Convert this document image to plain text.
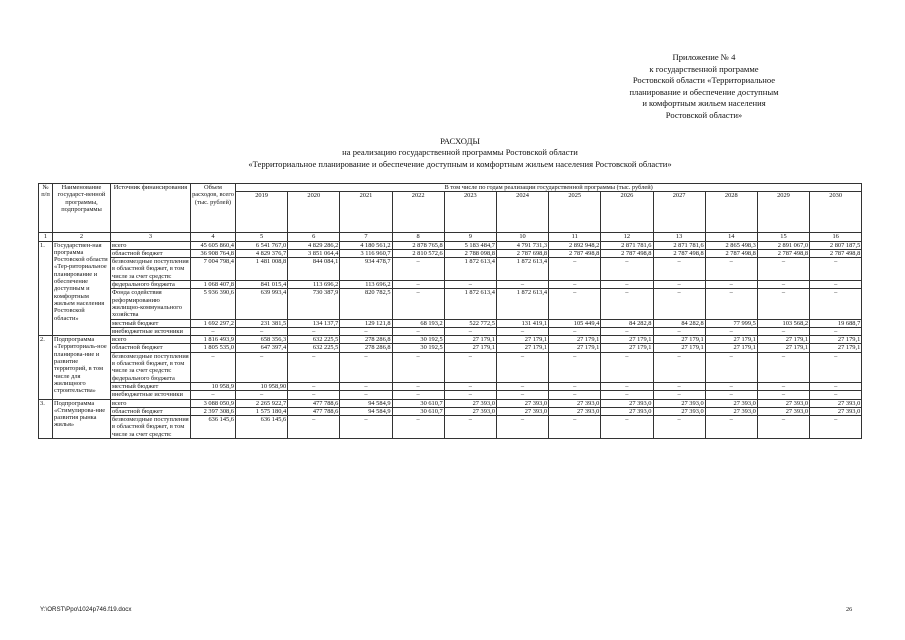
Приложение № 4
к государственной программе
Ростовской области «Территориальное
планирование и обеспечение доступным
и комфортным жильем населения
Ростовской области»
РАСХОДЫ
на реализацию государственной программы Ростовской области
«Территориальное планирование и обеспечение доступным и комфортным жильем населения Ростовской области»
№ п/п	Наименование государст-венной программы, подпрограммы	Источник финансирования	Объем расходов, всего (тыс. рублей)	В том числе по годам реализации государственной программы (тыс. рублей)											
				2019	2020	2021	2022	2023	2024	2025	2026	2027	2028	2029	2030
1	2	3	4	5	6	7	8	9	10	11	12	13	14	15	16
1.	Государствен-ная программа Ростовской области «Тер-риториальное планирование и обеспечение доступным и комфортным жильем населения Ростовской области»	всего	45 605 860,4	6 541 767,0	4 829 286,2	4 180 561,2	2 878 765,8	5 183 484,7	4 791 731,3	2 892 948,2	2 871 781,6	2 871 781,6	2 865 498,3	2 891 067,0	2 807 187,5
		областной бюджет	36 908 764,8	4 829 376,7	3 851 064,4	3 116 960,7	2 810 572,6	2 788 098,8	2 787 698,8	2 787 498,8	2 787 498,8	2 787 498,8	2 787 498,8	2 787 498,8	2 787 498,8
		безвозмездные поступления в областной бюджет, в том числе за счет средств:	7 004 798,4	1 481 008,8	844 084,1	934 478,7	–	1 872 613,4	1 872 613,4	–	–	–	–	–	–
		федерального бюджета	1 068 407,8	841 015,4	113 696,2	113 696,2	–	–	–	–	–	–	–	–	–
		Фонда содействия реформированию жилищно-коммунального хозяйства	5 936 390,6	639 993,4	730 387,9	820 782,5	–	1 872 613,4	1 872 613,4	–	–	–	–	–	–
		местный бюджет	1 692 297,2	231 381,5	134 137,7	129 121,8	68 193,2	522 772,5	131 419,1	105 449,4	84 282,8	84 282,8	77 999,5	103 568,2	19 688,7
		внебюджетные источники	–	–	–	–	–	–	–	–	–	–	–	–	–
2.	Подпрограмма «Территориаль-ное планирова-ние и развитие территорий, в том числе для жилищного строительства»	всего	1 816 493,9	658 356,3	632 225,5	278 286,8	30 192,5	27 179,1	27 179,1	27 179,1	27 179,1	27 179,1	27 179,1	27 179,1	27 179,1
		областной бюджет	1 805 535,0	647 397,4	632 225,5	278 286,8	30 192,5	27 179,1	27 179,1	27 179,1	27 179,1	27 179,1	27 179,1	27 179,1	27 179,1
		безвозмездные поступления в областной бюджет, в том числе за счет средств: федерального бюджета	–	–	–	–	–	–	–	–	–	–	–	–	–
		местный бюджет	10 958,9	10 958,90	–	–	–	–	–	–	–	–	–	–	–
		внебюджетные источники	–	–	–	–	–	–	–	–	–	–	–	–	–
3.	Подпрограмма «Стимулирова-ние развития рынка жилья»	всего	3 088 050,9	2 265 922,7	477 788,6	94 584,9	30 610,7	27 393,0	27 393,0	27 393,0	27 393,0	27 393,0	27 393,0	27 393,0	27 393,0
		областной бюджет	2 397 308,6	1 575 180,4	477 788,6	94 584,9	30 610,7	27 393,0	27 393,0	27 393,0	27 393,0	27 393,0	27 393,0	27 393,0	27 393,0
		безвозмездные поступления в областной бюджет, в том числе за счет средств:	636 145,6	636 145,6	–	–	–	–	–	–	–	–	–	–	–
Y:\ORST\Ppo\1024p746.f19.docx	26
